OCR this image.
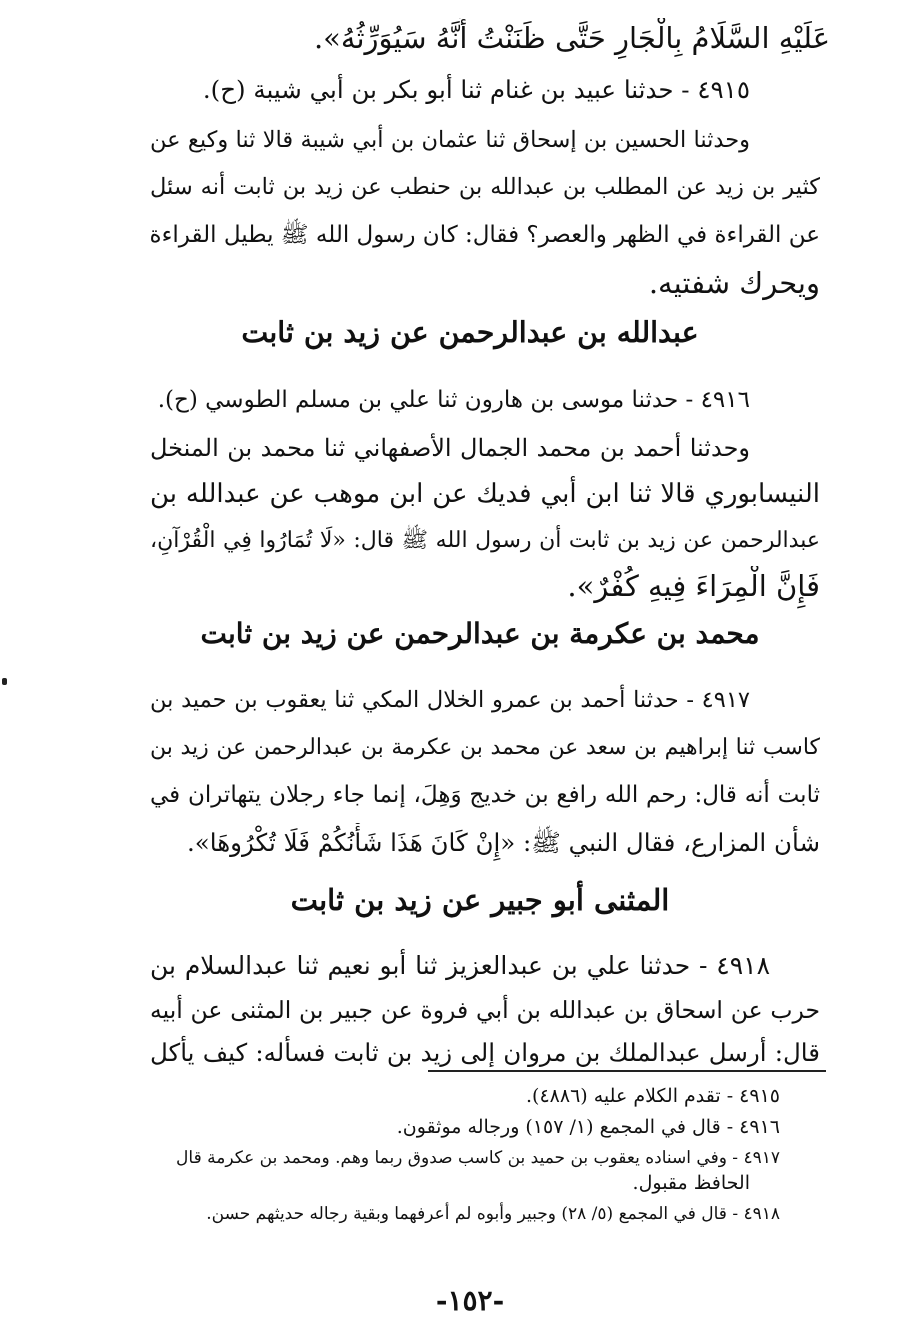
عَلَيْهِ السَّلَامُ بِالْجَارِ حَتَّى ظَنَنْتُ أَنَّهُ سَيُوَرِّثُهُ».
٤٩١٥ - حدثنا عبيد بن غنام ثنا أبو بكر بن أبي شيبة (ح).
وحدثنا الحسين بن إسحاق ثنا عثمان بن أبي شيبة قالا ثنا وكيع عن
كثير بن زيد عن المطلب بن عبدالله بن حنطب عن زيد بن ثابت أنه سئل
عن القراءة في الظهر والعصر؟ فقال: كان رسول الله ﷺ يطيل القراءة
ويحرك شفتيه.
عبدالله بن عبدالرحمن عن زيد بن ثابت
٤٩١٦ - حدثنا موسى بن هارون ثنا علي بن مسلم الطوسي (ح).
وحدثنا أحمد بن محمد الجمال الأصفهاني ثنا محمد بن المنخل
النيسابوري قالا ثنا ابن أبي فديك عن ابن موهب عن عبدالله بن
عبدالرحمن عن زيد بن ثابت أن رسول الله ﷺ قال: «لَا تُمَارُوا فِي الْقُرْآنِ،
فَإِنَّ الْمِرَاءَ فِيهِ كُفْرٌ».
محمد بن عكرمة بن عبدالرحمن عن زيد بن ثابت
٤٩١٧ - حدثنا أحمد بن عمرو الخلال المكي ثنا يعقوب بن حميد بن
كاسب ثنا إبراهيم بن سعد عن محمد بن عكرمة بن عبدالرحمن عن زيد بن
ثابت أنه قال: رحم الله رافع بن خديج وَهِلَ، إنما جاء رجلان يتهاتران في
شأن المزارع، فقال النبي ﷺ: «إِنْ كَانَ هَذَا شَأْنُكُمْ فَلَا تُكْرُوهَا».
المثنى أبو جبير عن زيد بن ثابت
٤٩١٨ - حدثنا علي بن عبدالعزيز ثنا أبو نعيم ثنا عبدالسلام بن
حرب عن اسحاق بن عبدالله بن أبي فروة عن جبير بن المثنى عن أبيه
قال: أرسل عبدالملك بن مروان إلى زيد بن ثابت فسأله: كيف يأكل
٤٩١٥ - تقدم الكلام عليه (٤٨٨٦).
٤٩١٦ - قال في المجمع (١/ ١٥٧) ورجاله موثقون.
٤٩١٧ - وفي اسناده يعقوب بن حميد بن كاسب صدوق ربما وهم. ومحمد بن عكرمة قال
الحافظ مقبول.
٤٩١٨ - قال في المجمع (٥/ ٢٨) وجبير وأبوه لم أعرفهما وبقية رجاله حديثهم حسن.
-١٥٢-
